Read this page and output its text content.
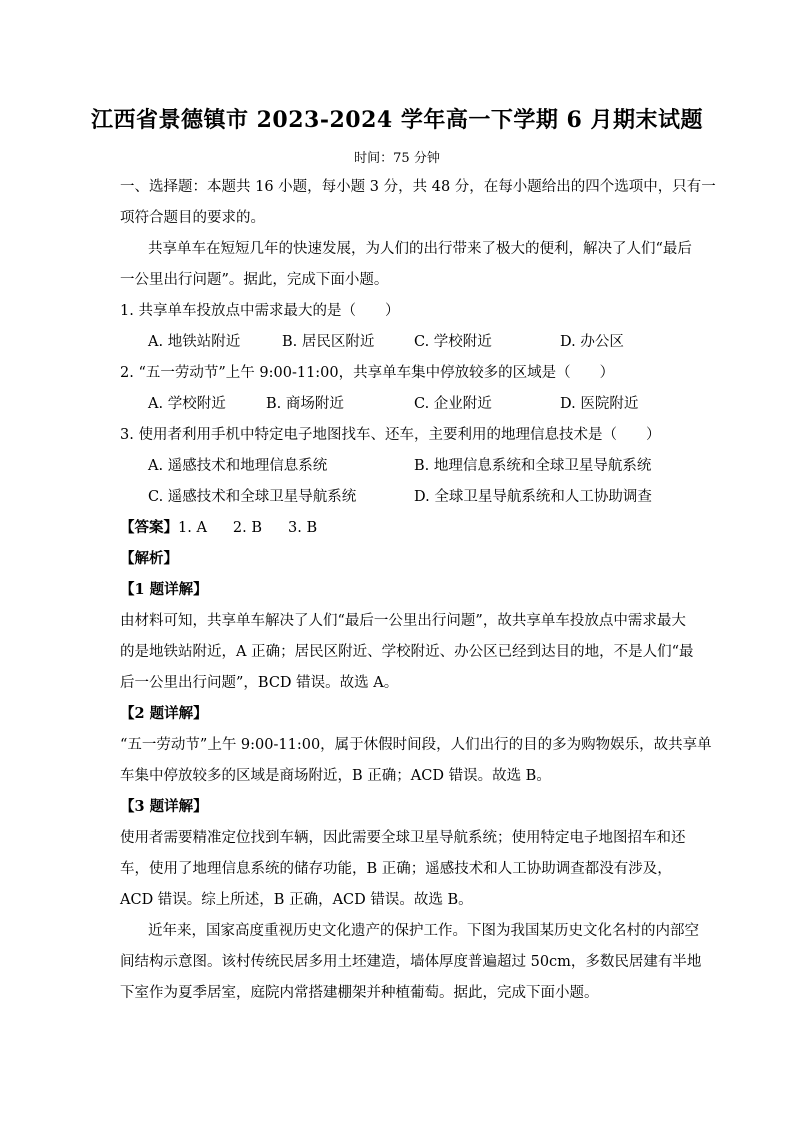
江西省景德镇市 2023-2024 学年高一下学期 6 月期末试题
时间：75 分钟
一、选择题：本题共 16 小题，每小题 3 分，共 48 分，在每小题给出的四个选项中，只有一
项符合题目的要求的。
共享单车在短短几年的快速发展，为人们的出行带来了极大的便利，解决了人们“最后
一公里出行问题”。据此，完成下面小题。
1. 共享单车投放点中需求最大的是（　　）
A. 地铁站附近	B. 居民区附近	C. 学校附近	D. 办公区
2. “五一劳动节”上午 9:00-11:00，共享单车集中停放较多的区域是（　　）
A. 学校附近	B. 商场附近	C. 企业附近	D. 医院附近
3. 使用者利用手机中特定电子地图找车、还车，主要利用的地理信息技术是（　　）
A. 遥感技术和地理信息系统	B. 地理信息系统和全球卫星导航系统
C. 遥感技术和全球卫星导航系统	D. 全球卫星导航系统和人工协助调查
【答案】1. A 2. B 3. B
【解析】
【1 题详解】
由材料可知，共享单车解决了人们“最后一公里出行问题”，故共享单车投放点中需求最大
的是地铁站附近，A 正确；居民区附近、学校附近、办公区已经到达目的地，不是人们“最
后一公里出行问题”，BCD 错误。故选 A。
【2 题详解】
“五一劳动节”上午 9:00-11:00，属于休假时间段，人们出行的目的多为购物娱乐，故共享单
车集中停放较多的区域是商场附近，B 正确；ACD 错误。故选 B。
【3 题详解】
使用者需要精准定位找到车辆，因此需要全球卫星导航系统；使用特定电子地图招车和还
车，使用了地理信息系统的储存功能，B 正确；遥感技术和人工协助调查都没有涉及，
ACD 错误。综上所述，B 正确，ACD 错误。故选 B。
近年来，国家高度重视历史文化遗产的保护工作。下图为我国某历史文化名村的内部空
间结构示意图。该村传统民居多用土坯建造，墙体厚度普遍超过 50cm，多数民居建有半地
下室作为夏季居室，庭院内常搭建棚架并种植葡萄。据此，完成下面小题。
